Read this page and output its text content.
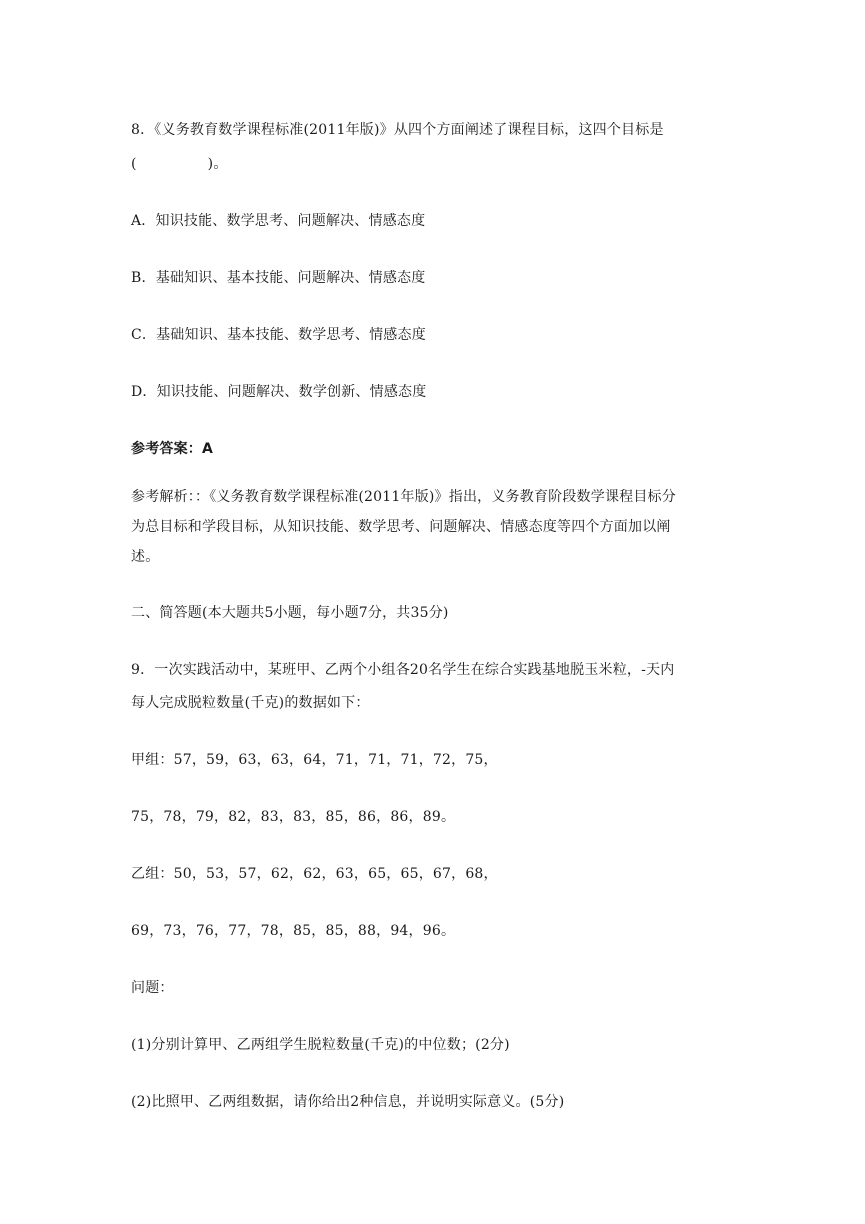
8．《义务教育数学课程标准(2011年版)》从四个方面阐述了课程目标，这四个目标是
(　　　　　)。
A．知识技能、数学思考、问题解决、情感态度
B．基础知识、基本技能、问题解决、情感态度
C．基础知识、基本技能、数学思考、情感态度
D．知识技能、问题解决、数学创新、情感态度
参考答案：A
参考解析：：《义务教育数学课程标准(2011年版)》指出，义务教育阶段数学课程目标分
为总目标和学段目标，从知识技能、数学思考、问题解决、情感态度等四个方面加以阐
述。
二、简答题(本大题共5小题，每小题7分，共35分)
9．一次实践活动中，某班甲、乙两个小组各20名学生在综合实践基地脱玉米粒，-天内
每人完成脱粒数量(千克)的数据如下：
甲组：57，59，63，63，64，71，71，71，72，75，
75，78，79，82，83，83，85，86，86，89。
乙组：50，53，57，62，62，63，65，65，67，68，
69，73，76，77，78，85，85，88，94，96。
问题：
(1)分别计算甲、乙两组学生脱粒数量(千克)的中位数；(2分)
(2)比照甲、乙两组数据，请你给出2种信息，并说明实际意义。(5分)
